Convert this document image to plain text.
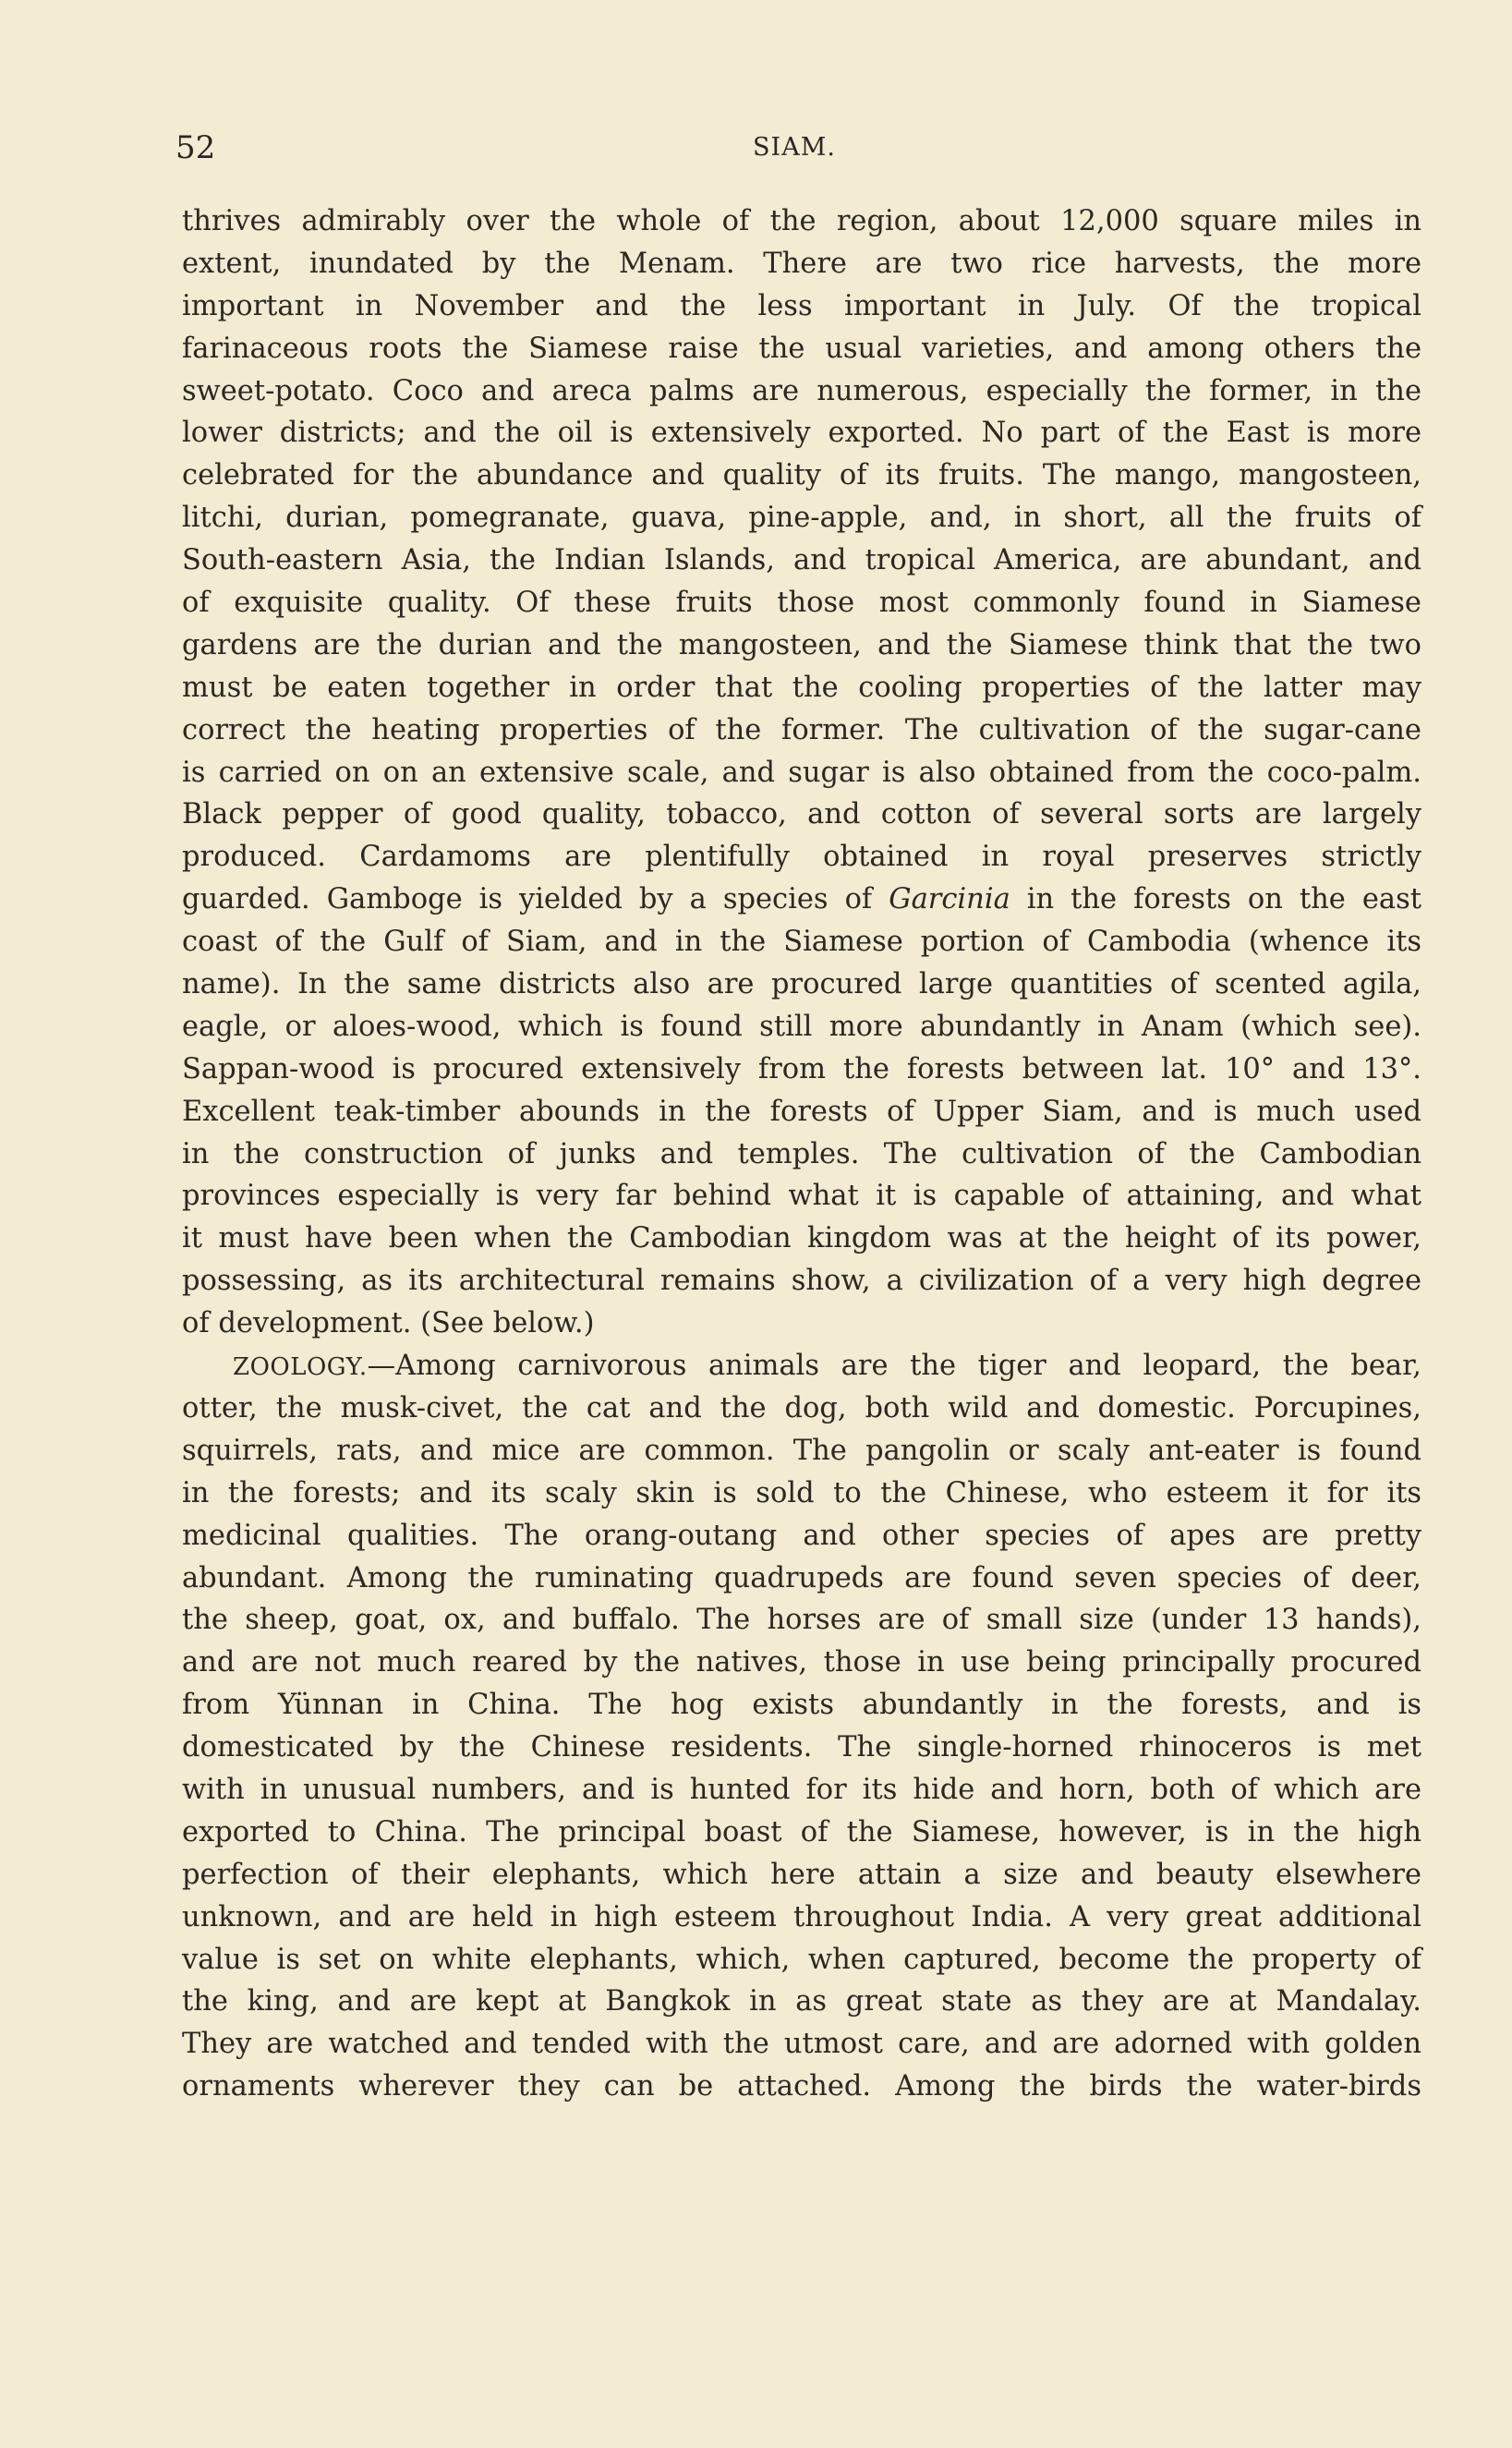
52	SIAM.
thrives admirably over the whole of the region, about 12,000 square miles in
extent, inundated by the Menam. There are two rice harvests, the more
important in November and the less important in July. Of the tropical
farinaceous roots the Siamese raise the usual varieties, and among others the
sweet-potato. Coco and areca palms are numerous, especially the former, in the
lower districts; and the oil is extensively exported. No part of the East is more
celebrated for the abundance and quality of its fruits. The mango, mangosteen,
litchi, durian, pomegranate, guava, pine-apple, and, in short, all the fruits of
South-eastern Asia, the Indian Islands, and tropical America, are abundant, and
of exquisite quality. Of these fruits those most commonly found in Siamese
gardens are the durian and the mangosteen, and the Siamese think that the two
must be eaten together in order that the cooling properties of the latter may
correct the heating properties of the former. The cultivation of the sugar-cane
is carried on on an extensive scale, and sugar is also obtained from the coco-palm.
Black pepper of good quality, tobacco, and cotton of several sorts are largely
produced. Cardamoms are plentifully obtained in royal preserves strictly
guarded. Gamboge is yielded by a species of Garcinia in the forests on the east
coast of the Gulf of Siam, and in the Siamese portion of Cambodia (whence its
name). In the same districts also are procured large quantities of scented agila,
eagle, or aloes-wood, which is found still more abundantly in Anam (which see).
Sappan-wood is procured extensively from the forests between lat. 10° and 13°.
Excellent teak-timber abounds in the forests of Upper Siam, and is much used
in the construction of junks and temples. The cultivation of the Cambodian
provinces especially is very far behind what it is capable of attaining, and what
it must have been when the Cambodian kingdom was at the height of its power,
possessing, as its architectural remains show, a civilization of a very high degree
of development. (See below.)
ZOOLOGY.—Among carnivorous animals are the tiger and leopard, the bear,
otter, the musk-civet, the cat and the dog, both wild and domestic. Porcupines,
squirrels, rats, and mice are common. The pangolin or scaly ant-eater is found
in the forests; and its scaly skin is sold to the Chinese, who esteem it for its
medicinal qualities. The orang-outang and other species of apes are pretty
abundant. Among the ruminating quadrupeds are found seven species of deer,
the sheep, goat, ox, and buffalo. The horses are of small size (under 13 hands),
and are not much reared by the natives, those in use being principally procured
from Yünnan in China. The hog exists abundantly in the forests, and is
domesticated by the Chinese residents. The single-horned rhinoceros is met
with in unusual numbers, and is hunted for its hide and horn, both of which are
exported to China. The principal boast of the Siamese, however, is in the high
perfection of their elephants, which here attain a size and beauty elsewhere
unknown, and are held in high esteem throughout India. A very great additional
value is set on white elephants, which, when captured, become the property of
the king, and are kept at Bangkok in as great state as they are at Mandalay.
They are watched and tended with the utmost care, and are adorned with golden
ornaments wherever they can be attached. Among the birds the water-birds
